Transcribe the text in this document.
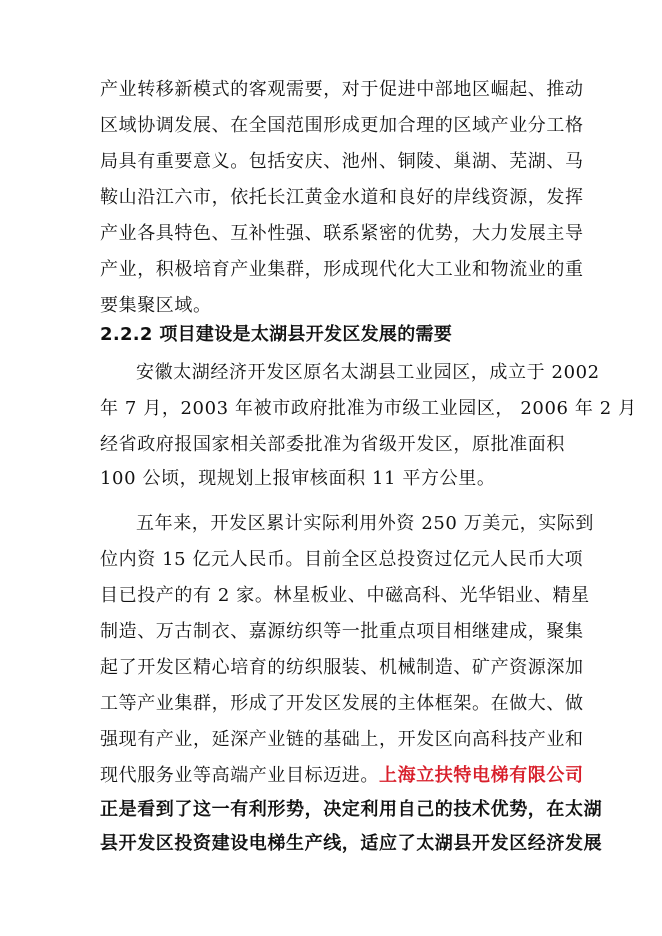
产业转移新模式的客观需要，对于促进中部地区崛起、推动
区域协调发展、在全国范围形成更加合理的区域产业分工格
局具有重要意义。包括安庆、池州、铜陵、巢湖、芜湖、马
鞍山沿江六市，依托长江黄金水道和良好的岸线资源，发挥
产业各具特色、互补性强、联系紧密的优势，大力发展主导
产业，积极培育产业集群，形成现代化大工业和物流业的重
要集聚区域。
2.2.2 项目建设是太湖县开发区发展的需要
安徽太湖经济开发区原名太湖县工业园区，成立于 2002
年 7 月，2003 年被市政府批准为市级工业园区， 2006 年 2 月
经省政府报国家相关部委批准为省级开发区，原批准面积
100 公顷，现规划上报审核面积 11 平方公里。
五年来，开发区累计实际利用外资 250 万美元，实际到
位内资 15 亿元人民币。目前全区总投资过亿元人民币大项
目已投产的有 2 家。林星板业、中磁高科、光华铝业、精星
制造、万古制衣、嘉源纺织等一批重点项目相继建成，聚集
起了开发区精心培育的纺织服装、机械制造、矿产资源深加
工等产业集群，形成了开发区发展的主体框架。在做大、做
强现有产业，延深产业链的基础上，开发区向高科技产业和
现代服务业等高端产业目标迈进。上海立扶特电梯有限公司
正是看到了这一有利形势，决定利用自己的技术优势，在太湖
县开发区投资建设电梯生产线，适应了太湖县开发区经济发展
